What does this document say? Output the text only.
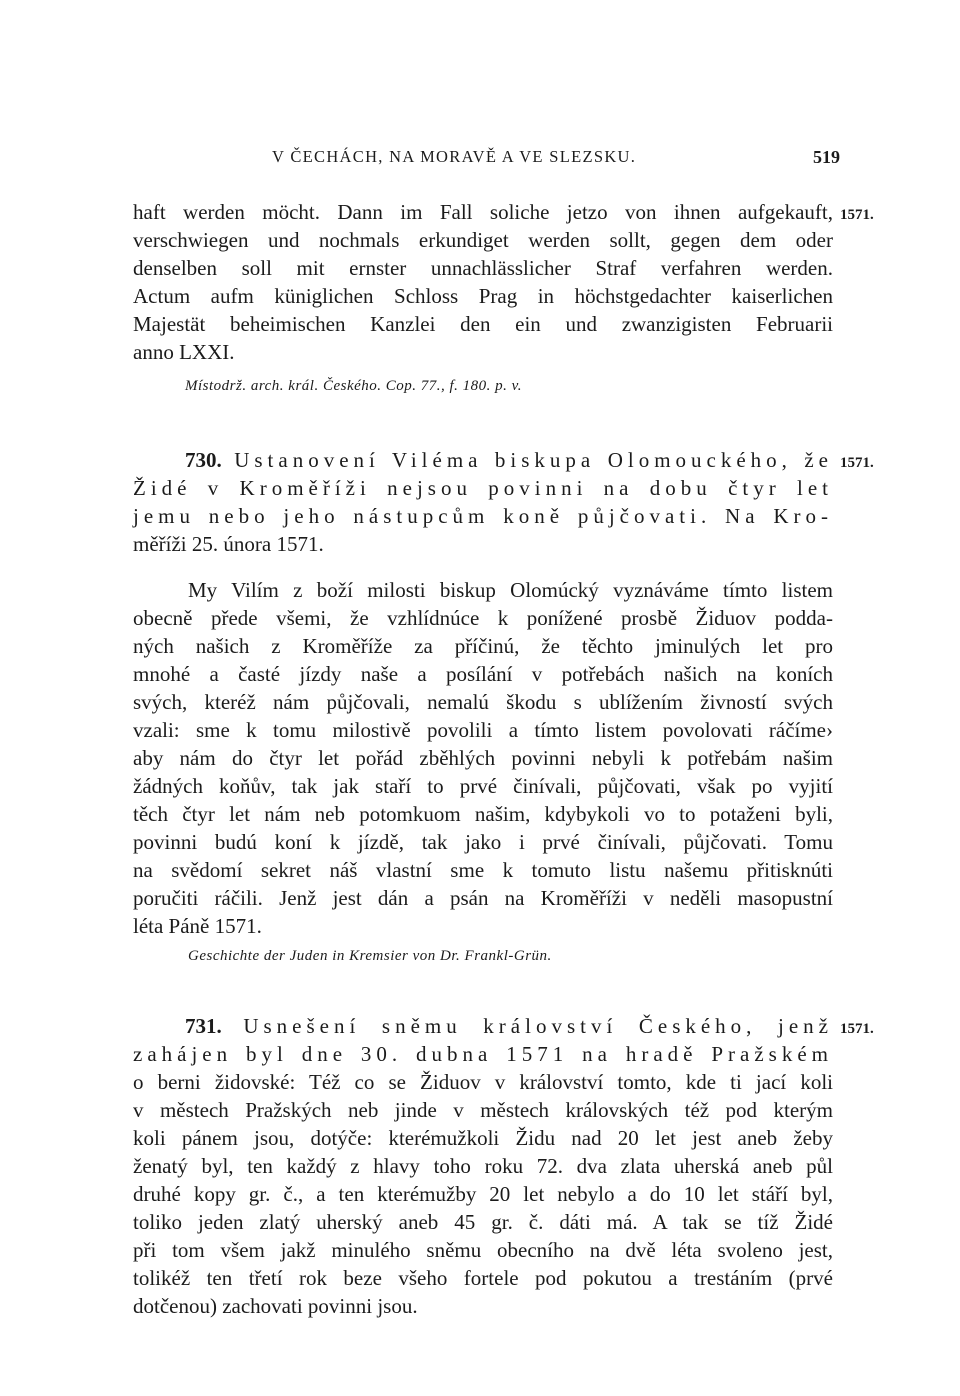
V ČECHÁCH, NA MORAVĚ A VE SLEZSKU.	519
haft werden möcht. Dann im Fall soliche jetzo von ihnen aufgekauft,
verschwiegen und nochmals erkundiget werden sollt, gegen dem oder
denselben soll mit ernster unnachlässlicher Straf verfahren werden.
Actum aufm küniglichen Schloss Prag in höchstgedachter kaiserlichen
Majestät beheimischen Kanzlei den ein und zwanzigisten Februarii
anno LXXI.
1571.
Místodrž. arch. král. Českého. Cop. 77., f. 180. p. v.
730. Ustanovení Viléma biskupa Olomouckého, že
Židé v Kroměříži nejsou povinni na dobu čtyr let
jemu nebo jeho nástupcům koně půjčovati. Na Kro-
měříži 25. února 1571.
1571.
My Vilím z boží milosti biskup Olomúcký vyznáváme tímto listem
obecně přede všemi, že vzhlídnúce k ponížené prosbě Židuov podda-
ných našich z Kroměříže za příčinú, že těchto jminulých let pro
mnohé a časté jízdy naše a posílání v potřebách našich na koních
svých, kteréž nám půjčovali, nemalú škodu s ublížením živností svých
vzali: sme k tomu milostivě povolili a tímto listem povolovati ráčíme›
aby nám do čtyr let pořád zběhlých povinni nebyli k potřebám našim
žádných koňův, tak jak staří to prvé činívali, půjčovati, však po vyjití
těch čtyr let nám neb potomkuom našim, kdybykoli vo to potaženi byli,
povinni budú koní k jízdě, tak jako i prvé činívali, půjčovati. Tomu
na svědomí sekret náš vlastní sme k tomuto listu našemu přitisknúti
poručiti ráčili. Jenž jest dán a psán na Kroměříži v neděli masopustní
léta Páně 1571.
Geschichte der Juden in Kremsier von Dr. Frankl-Grün.
731. Usnešení sněmu království Českého, jenž
zahájen byl dne 30. dubna 1571 na hradě Pražském
o berni židovské: Též co se Židuov v království tomto, kde ti jací koli
v městech Pražských neb jinde v městech královských též pod kterým
koli pánem jsou, dotýče: kterémužkoli Židu nad 20 let jest aneb žeby
ženatý byl, ten každý z hlavy toho roku 72. dva zlata uherská aneb půl
druhé kopy gr. č., a ten kterémužby 20 let nebylo a do 10 let stáří byl,
toliko jeden zlatý uherský aneb 45 gr. č. dáti má. A tak se tíž Židé
při tom všem jakž minulého sněmu obecního na dvě léta svoleno jest,
tolikéž ten třetí rok beze všeho fortele pod pokutou a trestáním (prvé
dotčenou) zachovati povinni jsou.
1571.
